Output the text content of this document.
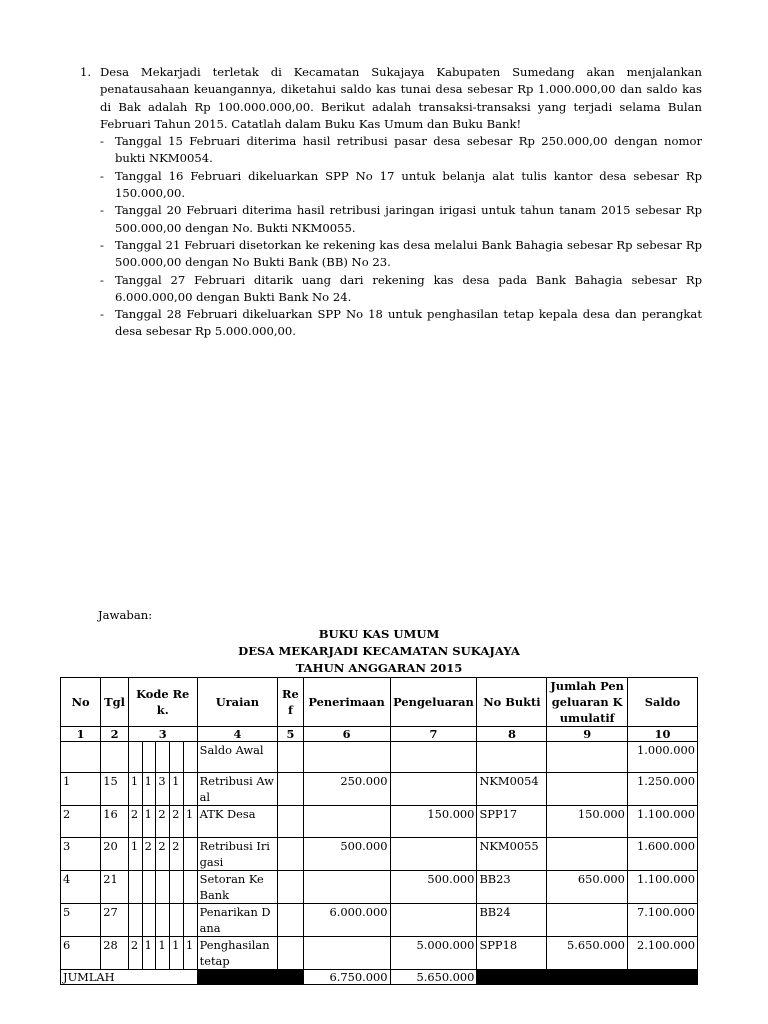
1. Desa Mekarjadi terletak di Kecamatan Sukajaya Kabupaten Sumedang akan menjalankan penatausahaan keuangannya, diketahui saldo kas tunai desa sebesar Rp 1.000.000,00 dan saldo kas di Bak adalah Rp 100.000.000,00. Berikut adalah transaksi-transaksi yang terjadi selama Bulan Februari Tahun 2015. Catatlah dalam Buku Kas Umum dan Buku Bank!
- Tanggal 15 Februari diterima hasil retribusi pasar desa sebesar Rp 250.000,00 dengan nomor bukti NKM0054.
- Tanggal 16 Februari dikeluarkan SPP No 17 untuk belanja alat tulis kantor desa sebesar Rp 150.000,00.
- Tanggal 20 Februari diterima hasil retribusi jaringan irigasi untuk tahun tanam 2015 sebesar Rp 500.000,00 dengan No. Bukti NKM0055.
- Tanggal 21 Februari disetorkan ke rekening kas desa melalui Bank Bahagia sebesar Rp sebesar Rp 500.000,00 dengan No Bukti Bank (BB) No 23.
- Tanggal 27 Februari ditarik uang dari rekening kas desa pada Bank Bahagia sebesar Rp 6.000.000,00 dengan Bukti Bank No 24.
- Tanggal 28 Februari dikeluarkan SPP No 18 untuk penghasilan tetap kepala desa dan perangkat desa sebesar Rp 5.000.000,00.
Jawaban:
BUKU KAS UMUM
DESA MEKARJADI KECAMATAN SUKAJAYA
TAHUN ANGGARAN 2015
No	Tgl	Kode Rek.					Uraian	Ref	Penerimaan	Pengeluaran	No Bukti	Jumlah Pengeluaran Kumulatif	Saldo
1	2	3					4	5	6	7	8	9	10
							Saldo Awal						1.000.000
1	15	1	1	3	1		Retribusi Awal		250.000		NKM0054		1.250.000
2	16	2	1	2	2	1	ATK Desa			150.000	SPP17	150.000	1.100.000
3	20	1	2	2	2		Retribusi Irigasi		500.000		NKM0055		1.600.000
4	21						Setoran Ke Bank			500.000	BB23	650.000	1.100.000
5	27						Penarikan Dana		6.000.000		BB24		7.100.000
6	28	2	1	1	1	1	Penghasilan tetap			5.000.000	SPP18	5.650.000	2.100.000
JUMLAH									6.750.000	5.650.000			
